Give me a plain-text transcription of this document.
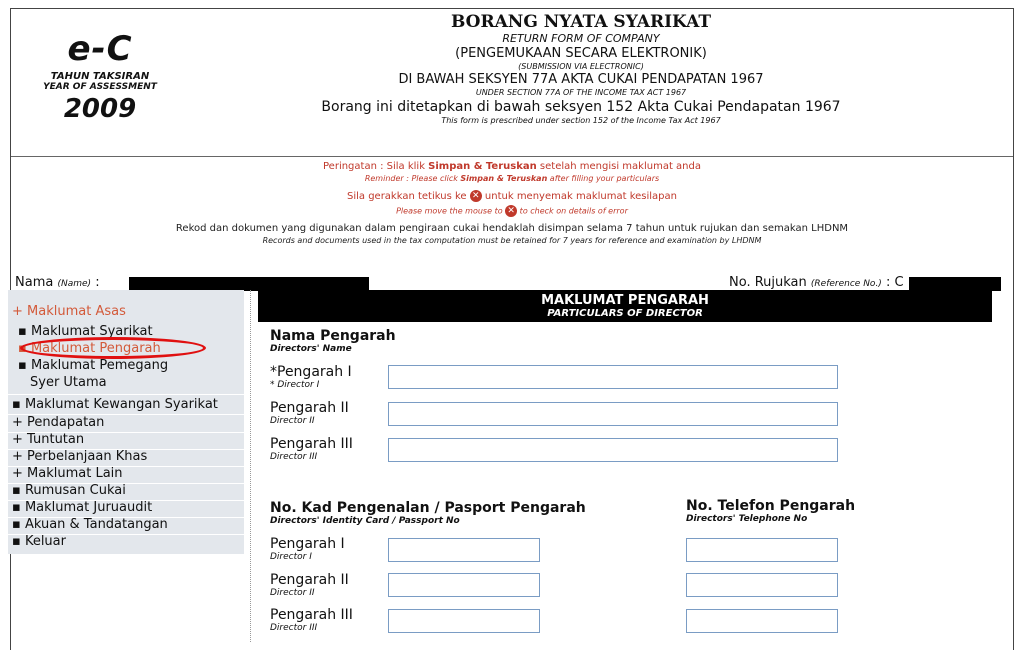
e-C
TAHUN TAKSIRAN
YEAR OF ASSESSMENT
2009
BORANG NYATA SYARIKAT
RETURN FORM OF COMPANY
(PENGEMUKAAN SECARA ELEKTRONIK)
(SUBMISSION VIA ELECTRONIC)
DI BAWAH SEKSYEN 77A AKTA CUKAI PENDAPATAN 1967
UNDER SECTION 77A OF THE INCOME TAX ACT 1967
Borang ini ditetapkan di bawah seksyen 152 Akta Cukai Pendapatan 1967
This form is prescribed under section 152 of the Income Tax Act 1967
Peringatan : Sila klik Simpan & Teruskan setelah mengisi maklumat anda
Reminder : Please click Simpan & Teruskan after filling your particulars
Sila gerakkan tetikus ke ✕ untuk menyemak maklumat kesilapan
Please move the mouse to ✕ to check on details of error
Rekod dan dokumen yang digunakan dalam pengiraan cukai hendaklah disimpan selama 7 tahun untuk rujukan dan semakan LHDNM
Records and documents used in the tax computation must be retained for 7 years for reference and examination by LHDNM
Nama (Name) :	No. Rujukan (Reference No.) : C
+ Maklumat Asas
▪ Maklumat Syarikat
▪ Maklumat Pengarah
▪ Maklumat Pemegang
Syer Utama
▪ Maklumat Kewangan Syarikat
+ Pendapatan
+ Tuntutan
+ Perbelanjaan Khas
+ Maklumat Lain
▪ Rumusan Cukai
▪ Maklumat Juruaudit
▪ Akuan & Tandatangan
▪ Keluar
MAKLUMAT PENGARAH
PARTICULARS OF DIRECTOR
Nama Pengarah
Directors' Name
*Pengarah I
* Director I
Pengarah II
Director II
Pengarah III
Director III
No. Kad Pengenalan / Pasport Pengarah
Directors' Identity Card / Passport No
No. Telefon Pengarah
Directors' Telephone No
Pengarah I
Director I
Pengarah II
Director II
Pengarah III
Director III
